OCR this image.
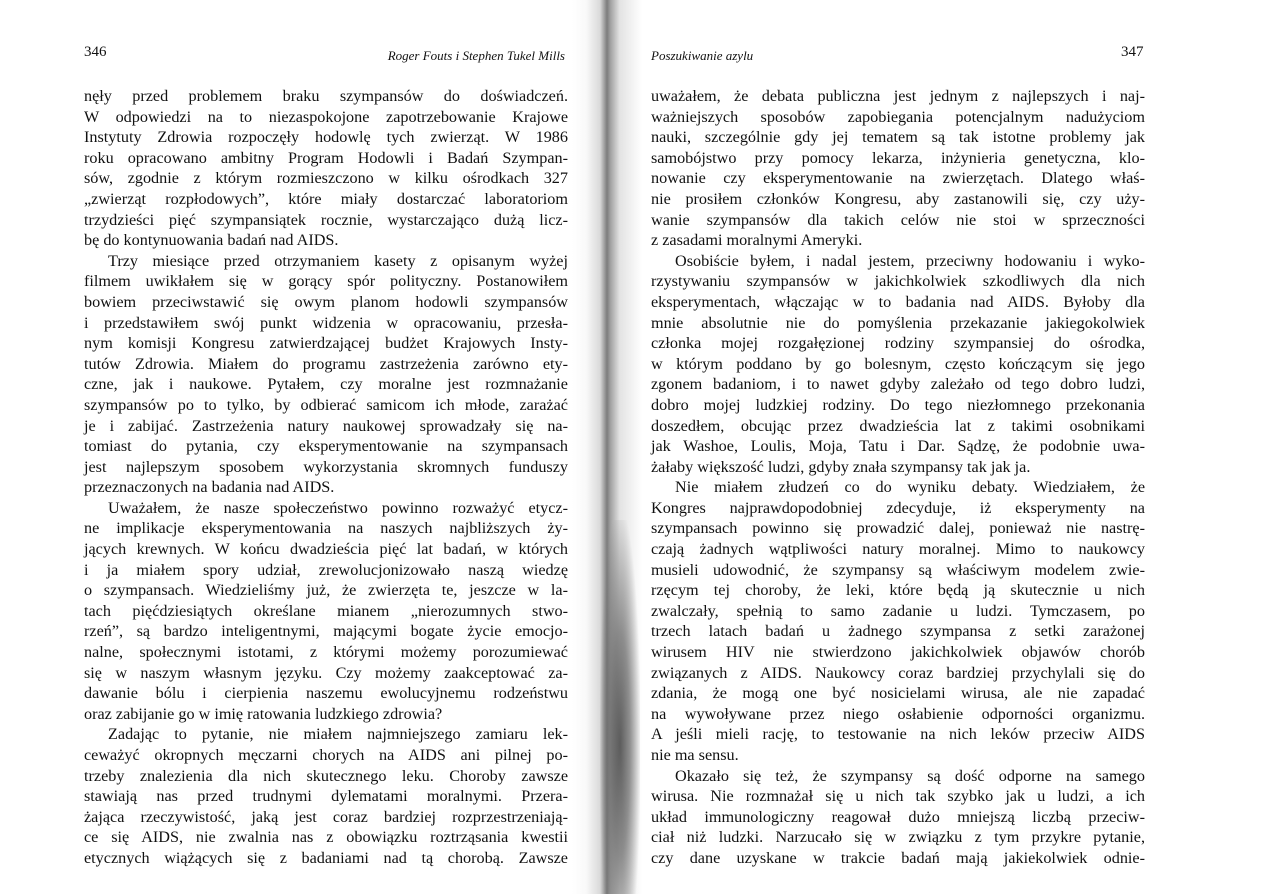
346	Roger Fouts i Stephen Tukel Mills	Poszukiwanie azylu	347
nęły przed problemem braku szympansów do doświadczeń.
W odpowiedzi na to niezaspokojone zapotrzebowanie Krajowe
Instytuty Zdrowia rozpoczęły hodowlę tych zwierząt. W 1986
roku opracowano ambitny Program Hodowli i Badań Szympan-
sów, zgodnie z którym rozmieszczono w kilku ośrodkach 327
„zwierząt rozpłodowych”, które miały dostarczać laboratoriom
trzydzieści pięć szympansiątek rocznie, wystarczająco dużą licz-
bę do kontynuowania badań nad AIDS.
Trzy miesiące przed otrzymaniem kasety z opisanym wyżej
filmem uwikłałem się w gorący spór polityczny. Postanowiłem
bowiem przeciwstawić się owym planom hodowli szympansów
i przedstawiłem swój punkt widzenia w opracowaniu, przesła-
nym komisji Kongresu zatwierdzającej budżet Krajowych Insty-
tutów Zdrowia. Miałem do programu zastrzeżenia zarówno ety-
czne, jak i naukowe. Pytałem, czy moralne jest rozmnażanie
szympansów po to tylko, by odbierać samicom ich młode, zarażać
je i zabijać. Zastrzeżenia natury naukowej sprowadzały się na-
tomiast do pytania, czy eksperymentowanie na szympansach
jest najlepszym sposobem wykorzystania skromnych funduszy
przeznaczonych na badania nad AIDS.
Uważałem, że nasze społeczeństwo powinno rozważyć etycz-
ne implikacje eksperymentowania na naszych najbliższych ży-
jących krewnych. W końcu dwadzieścia pięć lat badań, w których
i ja miałem spory udział, zrewolucjonizowało naszą wiedzę
o szympansach. Wiedzieliśmy już, że zwierzęta te, jeszcze w la-
tach pięćdziesiątych określane mianem „nierozumnych stwo-
rzeń”, są bardzo inteligentnymi, mającymi bogate życie emocjo-
nalne, społecznymi istotami, z którymi możemy porozumiewać
się w naszym własnym języku. Czy możemy zaakceptować za-
dawanie bólu i cierpienia naszemu ewolucyjnemu rodzeństwu
oraz zabijanie go w imię ratowania ludzkiego zdrowia?
Zadając to pytanie, nie miałem najmniejszego zamiaru lek-
ceważyć okropnych męczarni chorych na AIDS ani pilnej po-
trzeby znalezienia dla nich skutecznego leku. Choroby zawsze
stawiają nas przed trudnymi dylematami moralnymi. Przera-
żająca rzeczywistość, jaką jest coraz bardziej rozprzestrzeniają-
ce się AIDS, nie zwalnia nas z obowiązku roztrząsania kwestii
etycznych wiążących się z badaniami nad tą chorobą. Zawsze
uważałem, że debata publiczna jest jednym z najlepszych i naj-
ważniejszych sposobów zapobiegania potencjalnym nadużyciom
nauki, szczególnie gdy jej tematem są tak istotne problemy jak
samobójstwo przy pomocy lekarza, inżynieria genetyczna, klo-
nowanie czy eksperymentowanie na zwierzętach. Dlatego właś-
nie prosiłem członków Kongresu, aby zastanowili się, czy uży-
wanie szympansów dla takich celów nie stoi w sprzeczności
z zasadami moralnymi Ameryki.
Osobiście byłem, i nadal jestem, przeciwny hodowaniu i wyko-
rzystywaniu szympansów w jakichkolwiek szkodliwych dla nich
eksperymentach, włączając w to badania nad AIDS. Byłoby dla
mnie absolutnie nie do pomyślenia przekazanie jakiegokolwiek
członka mojej rozgałęzionej rodziny szympansiej do ośrodka,
w którym poddano by go bolesnym, często kończącym się jego
zgonem badaniom, i to nawet gdyby zależało od tego dobro ludzi,
dobro mojej ludzkiej rodziny. Do tego niezłomnego przekonania
doszedłem, obcując przez dwadzieścia lat z takimi osobnikami
jak Washoe, Loulis, Moja, Tatu i Dar. Sądzę, że podobnie uwa-
żałaby większość ludzi, gdyby znała szympansy tak jak ja.
Nie miałem złudzeń co do wyniku debaty. Wiedziałem, że
Kongres najprawdopodobniej zdecyduje, iż eksperymenty na
szympansach powinno się prowadzić dalej, ponieważ nie nastrę-
czają żadnych wątpliwości natury moralnej. Mimo to naukowcy
musieli udowodnić, że szympansy są właściwym modelem zwie-
rzęcym tej choroby, że leki, które będą ją skutecznie u nich
zwalczały, spełnią to samo zadanie u ludzi. Tymczasem, po
trzech latach badań u żadnego szympansa z setki zarażonej
wirusem HIV nie stwierdzono jakichkolwiek objawów chorób
związanych z AIDS. Naukowcy coraz bardziej przychylali się do
zdania, że mogą one być nosicielami wirusa, ale nie zapadać
na wywoływane przez niego osłabienie odporności organizmu.
A jeśli mieli rację, to testowanie na nich leków przeciw AIDS
nie ma sensu.
Okazało się też, że szympansy są dość odporne na samego
wirusa. Nie rozmnażał się u nich tak szybko jak u ludzi, a ich
układ immunologiczny reagował dużo mniejszą liczbą przeciw-
ciał niż ludzki. Narzucało się w związku z tym przykre pytanie,
czy dane uzyskane w trakcie badań mają jakiekolwiek odnie-
